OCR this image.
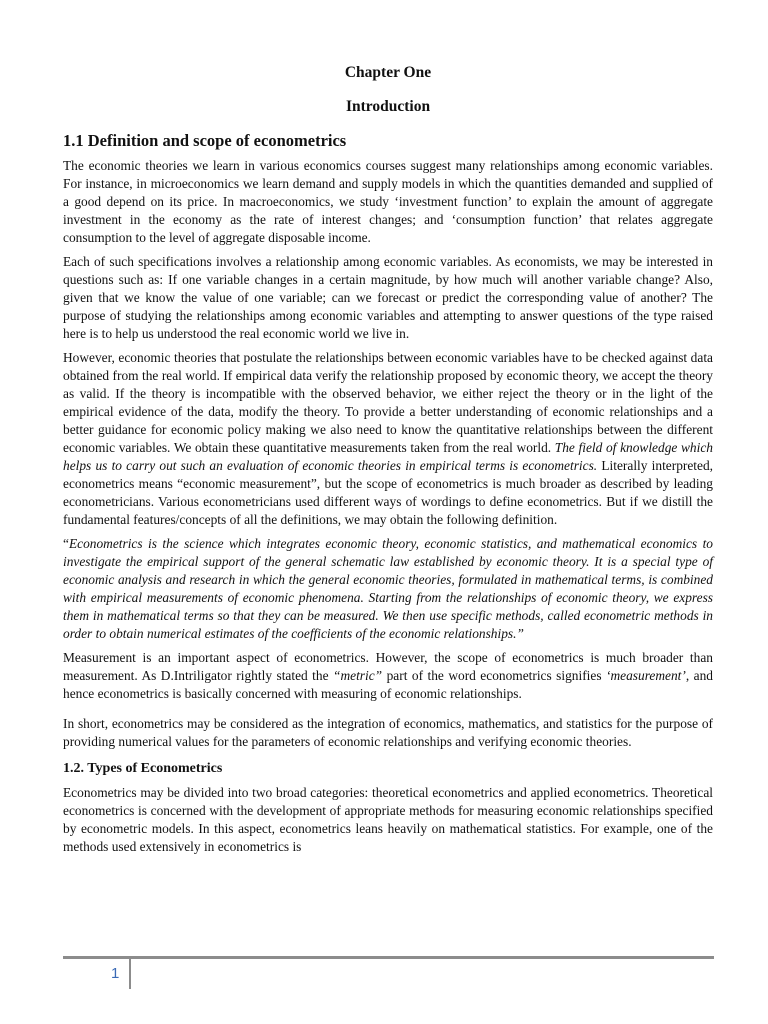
Chapter One
Introduction
1.1 Definition and scope of econometrics

The economic theories we learn in various economics courses suggest many relationships among economic variables. For instance, in microeconomics we learn demand and supply models in which the quantities demanded and supplied of a good depend on its price. In macroeconomics, we study ‘investment function’ to explain the amount of aggregate investment in the economy as the rate of interest changes; and ‘consumption function’ that relates aggregate consumption to the level of aggregate disposable income.

Each of such specifications involves a relationship among economic variables. As economists, we may be interested in questions such as: If one variable changes in a certain magnitude, by how much will another variable change? Also, given that we know the value of one variable; can we forecast or predict the corresponding value of another? The purpose of studying the relationships among economic variables and attempting to answer questions of the type raised here is to help us understood the real economic world we live in.

However, economic theories that postulate the relationships between economic variables have to be checked against data obtained from the real world. If empirical data verify the relationship proposed by economic theory, we accept the theory as valid. If the theory is incompatible with the observed behavior, we either reject the theory or in the light of the empirical evidence of the data, modify the theory. To provide a better understanding of economic relationships and a better guidance for economic policy making we also need to know the quantitative relationships between the different economic variables. We obtain these quantitative measurements taken from the real world. The field of knowledge which helps us to carry out such an evaluation of economic theories in empirical terms is econometrics. Literally interpreted, econometrics means “economic measurement”, but the scope of econometrics is much broader as described by leading econometricians. Various econometricians used different ways of wordings to define econometrics. But if we distill the fundamental features/concepts of all the definitions, we may obtain the following definition.

“Econometrics is the science which integrates economic theory, economic statistics, and mathematical economics to investigate the empirical support of the general schematic law established by economic theory. It is a special type of economic analysis and research in which the general economic theories, formulated in mathematical terms, is combined with empirical measurements of economic phenomena. Starting from the relationships of economic theory, we express them in mathematical terms so that they can be measured. We then use specific methods, called econometric methods in order to obtain numerical estimates of the coefficients of the economic relationships.”

Measurement is an important aspect of econometrics. However, the scope of econometrics is much broader than measurement. As D.Intriligator rightly stated the “metric” part of the word econometrics signifies ‘measurement’, and hence econometrics is basically concerned with measuring of economic relationships.

In short, econometrics may be considered as the integration of economics, mathematics, and statistics for the purpose of providing numerical values for the parameters of economic relationships and verifying economic theories.

1.2. Types of Econometrics

Econometrics may be divided into two broad categories: theoretical econometrics and applied econometrics. Theoretical econometrics is concerned with the development of appropriate methods for measuring economic relationships specified by econometric models. In this aspect, econometrics leans heavily on mathematical statistics. For example, one of the methods used extensively in econometrics is

1
